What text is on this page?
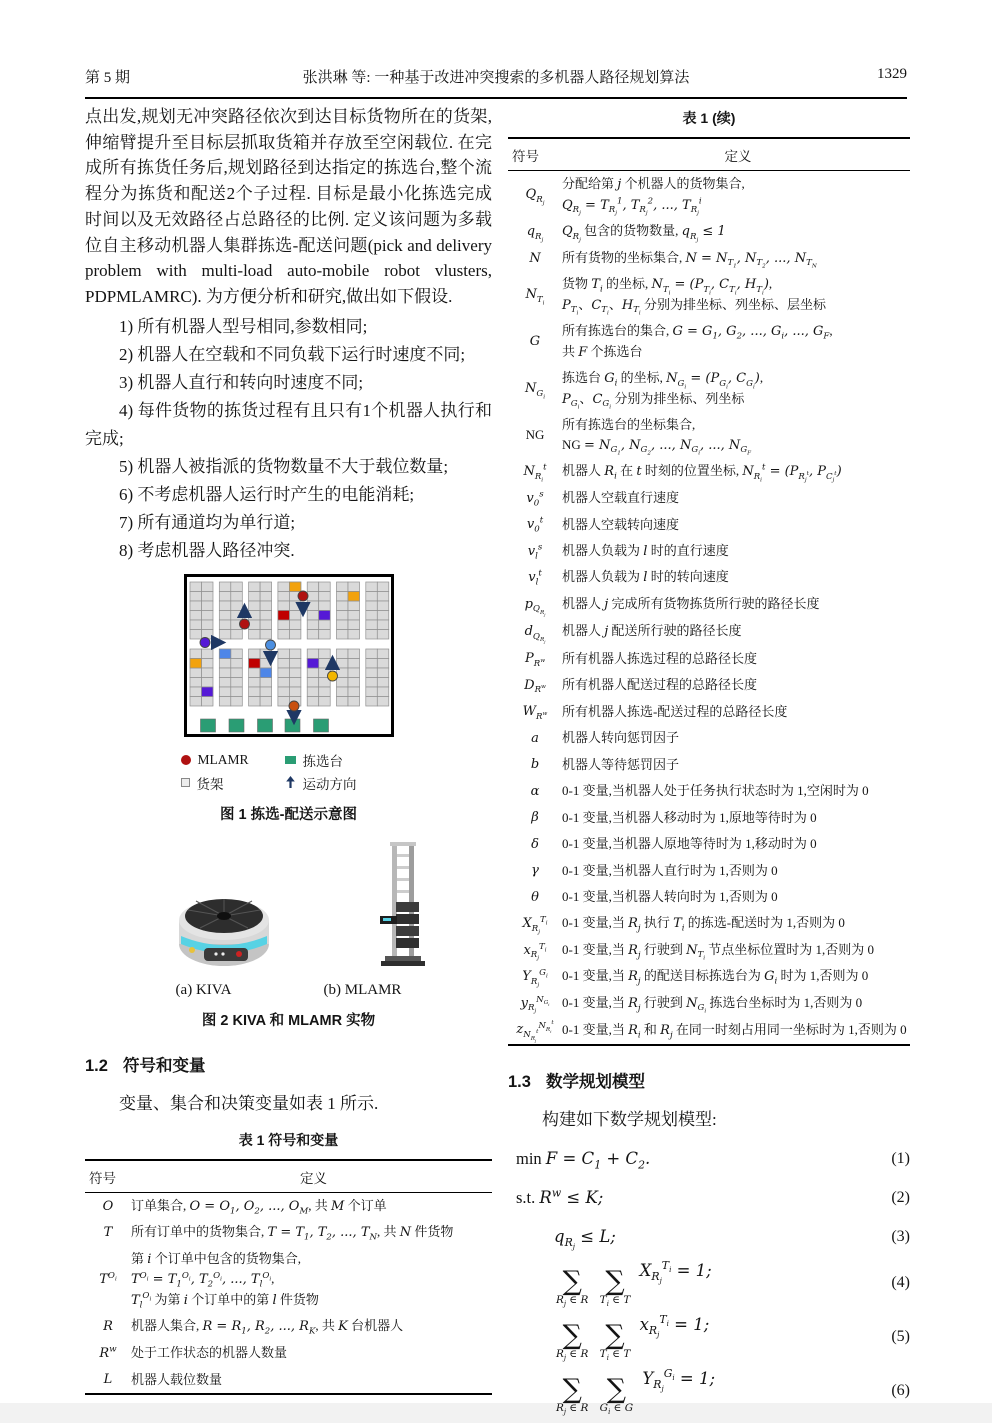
第 5 期	张洪琳 等: 一种基于改进冲突搜索的多机器人路径规划算法	1329
点出发,规划无冲突路径依次到达目标货物所在的货架,伸缩臂提升至目标层抓取货箱并存放至空闲载位. 在完成所有拣货任务后,规划路径到达指定的拣选台,整个流程分为拣货和配送2个子过程. 目标是最小化拣选完成时间以及无效路径占总路径的比例. 定义该问题为多载位自主移动机器人集群拣选-配送问题(pick and delivery problem with multi-load auto-mobile robot vlusters, PDPMLAMRC). 为方便分析和研究,做出如下假设.
1) 所有机器人型号相同,参数相同;
2) 机器人在空载和不同负载下运行时速度不同;
3) 机器人直行和转向时速度不同;
4) 每件货物的拣货过程有且只有1个机器人执行和完成;
5) 机器人被指派的货物数量不大于载位数量;
6) 不考虑机器人运行时产生的电能消耗;
7) 所有通道均为单行道;
8) 考虑机器人路径冲突.
MLAMR	拣选台
货架	运动方向
图 1 拣选-配送示意图
(a) KIVA	(b) MLAMR
图 2 KIVA 和 MLAMR 实物
1.2 符号和变量
变量、集合和决策变量如表 1 所示.
表 1 符号和变量
符号	定义
O	订单集合, $O = O_1$, $O_2$, ..., $O_M$, 共 M 个订单
T	所有订单中的货物集合, $T = T_1$, $T_2$, ..., $T_N$, 共 N 件货物
$T^{O_i}$
第 i 个订单中包含的货物集合,
$T^{O_i} = T_1^{O_i}$, $T_2^{O_i}$, ..., $T_l^{O_i}$,
$T_l^{O_i}$ 为第 i 个订单中的第 l 件货物
R	机器人集合, $R = R_1$, $R_2$, ..., $R_K$, 共 K 台机器人
$R^w$	处于工作状态的机器人数量
L	机器人载位数量
表 1 (续)
符号	定义
$Q_{R_j}$
分配给第 j 个机器人的货物集合,
$Q_{R_j} = T_{R_j}^1$, $T_{R_j}^2$, ..., $T_{R_j}^i$
$q_{R_j}$
$Q_{R_j}$ 包含的货物数量, $q_{R_j} \le 1$
N	所有货物的坐标集合, $N = N_{T_1}$, $N_{T_2}$, ..., $N_{T_N}$
$N_{T_i}$
货物 $T_i$ 的坐标, $N_{T_i} = (P_{T_i}$, $C_{T_i}$, $H_{T_i}$),
$P_{T_i}$、$C_{T_i}$、$H_{T_i}$ 分别为排坐标、列坐标、层坐标
G
所有拣选台的集合, $G = G_1$, $G_2$, ..., $G_i$, ..., $G_F$,
共 F 个拣选台
$N_{G_i}$
拣选台 $G_i$ 的坐标, $N_{G_i} = (P_{G_i}$, $C_{G_i}$),
$P_{G_i}$、$C_{G_i}$ 分别为排坐标、列坐标
NG
所有拣选台的坐标集合,
NG = $N_{G_1}$, $N_{G_2}$, ..., $N_{G_i}$, ..., $N_{G_F}$
$N_{R_i}^t$	机器人 $R_i$ 在 t 时刻的位置坐标, $N_{R_i}^t = (P_{R_j^t}$, $P_{C_j^t}$)
$v_0^s$	机器人空载直行速度
$v_0^t$	机器人空载转向速度
$v_l^s$	机器人负载为 l 时的直行速度
$v_l^t$	机器人负载为 l 时的转向速度
$p_{Q_{R_j}}$
机器人 j 完成所有货物拣货所行驶的路径长度
$d_{Q_{R_j}}$
机器人 j 配送所行驶的路径长度
$P_{R^w}$	所有机器人拣选过程的总路径长度
$D_{R^w}$	所有机器人配送过程的总路径长度
$W_{R^w}$	所有机器人拣选-配送过程的总路径长度
a	机器人转向惩罚因子
b	机器人等待惩罚因子
α	0-1 变量,当机器人处于任务执行状态时为 1,空闲时为 0
β	0-1 变量,当机器人移动时为 1,原地等待时为 0
δ	0-1 变量,当机器人原地等待时为 1,移动时为 0
γ	0-1 变量,当机器人直行时为 1,否则为 0
θ	0-1 变量,当机器人转向时为 1,否则为 0
$X_{R_j}^{T_i}$	0-1 变量,当 $R_j$ 执行 $T_i$ 的拣选-配送时为 1,否则为 0
$x_{R_j}^{T_i}$	0-1 变量,当 $R_j$ 行驶到 $N_{T_i}$ 节点坐标位置时为 1,否则为 0
$Y_{R_j}^{G_i}$	0-1 变量,当 $R_j$ 的配送目标拣选台为 $G_i$ 时为 1,否则为 0
$y_{R_j}^{N_{G_i}}$ 0-1 变量,当 $R_j$ 行驶到 $N_{G_i}$ 拣选台坐标时为 1,否则为 0
$z_{N_{R_j}^t}^{N_{R_i}^t}$ 0-1 变量,当 $R_i$ 和 $R_j$ 在同一时刻占用同一坐标时为 1,否则为 0
1.3 数学规划模型
构建如下数学规划模型:
$\min F = C_1 + C_2$.	(1)
s.t. $R^w \le K$;	(2)
$q_{R_j} \le L$;	(3)
∑
$R_j$ ∈ R

∑
$T_i$ ∈ T
$X_{R_j}^{T_i} = 1$;
(4)
∑
$R_j$ ∈ R

∑
$T_i$ ∈ T
$x_{R_j}^{T_i} = 1$;
(5)
∑
$R_j$ ∈ R

∑
$G_i$ ∈ G
$Y_{R_j}^{G_i} = 1$;
(6)
